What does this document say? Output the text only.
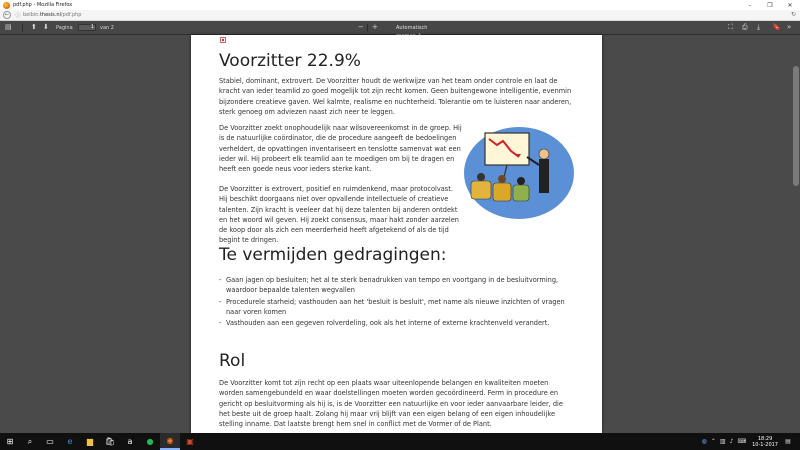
pdf.php - Mozilla Firefox	–	❐	✕
←	ⓘ belbin.thesis.nl/pdf.php	↻
▤	⬆ ⬇ Pagina	1	van 2	− +	Automatisch	⛶ ⎙ ⤓ 🔖 »
Voorzitter 22.9%
Stabiel, dominant, extrovert. De Voorzitter houdt de werkwijze van het team onder controle en laat de kracht van ieder teamlid zo goed mogelijk tot zijn recht komen. Geen buitengewone intelligentie, evenmin bijzondere creatieve gaven. Wel kalmte, realisme en nuchterheid. Tolerantie om te luisteren naar anderen, sterk genoeg om adviezen naast zich neer te leggen.
De Voorzitter zoekt onophoudelijk naar wilsovereenkomst in de groep. Hij is de natuurlijke coördinator, die de procedure aangeeft de bedoelingen verheldert, de opvattingen inventariseert en tenslotte samenvat wat een ieder wil. Hij probeert elk teamlid aan te moedigen om bij te dragen en heeft een goede neus voor ieders sterke kant.
De Voorzitter is extrovert, positief en ruimdenkend, maar protocolvast. Hij beschikt doorgaans niet over opvallende intellectuele of creatieve talenten. Zijn kracht is veeleer dat hij deze talenten bij anderen ontdekt en het woord wil geven. Hij zoekt consensus, maar hakt zonder aarzelen de koop door als zich een meerderheid heeft afgetekend of als de tijd begint te dringen.
Te vermijden gedragingen:
- Gaan jagen op besluiten; het al te sterk benadrukken van tempo en voortgang in de besluitvorming, waardoor bepaalde talenten wegvallen
- Procedurele starheid; vasthouden aan het 'besluit is besluit', met name als nieuwe inzichten of vragen naar voren komen
- Vasthouden aan een gegeven rolverdeling, ook als het interne of externe krachtenveld verandert.
Rol
De Voorzitter komt tot zijn recht op een plaats waar uiteenlopende belangen en kwaliteiten moeten worden samengebundeld en waar doelstellingen moeten worden gecoördineerd. Ferm in procedure en gericht op besluitvorming als hij is, is de Voorzitter een natuurlijke en voor ieder aanvaarbare leider, die het beste uit de groep haalt. Zolang hij maar vrij blijft van een eigen belang of een eigen inhoudelijke stelling inname. Dat laatste brengt hem snel in conflict met de Vormer of de Plant.
⊞	⌕	▭	e	▆	🛍	a	●	◉	▣	◍ ⌃ ▥ ♪ ⌨	18:29
10-1-2017	▤
